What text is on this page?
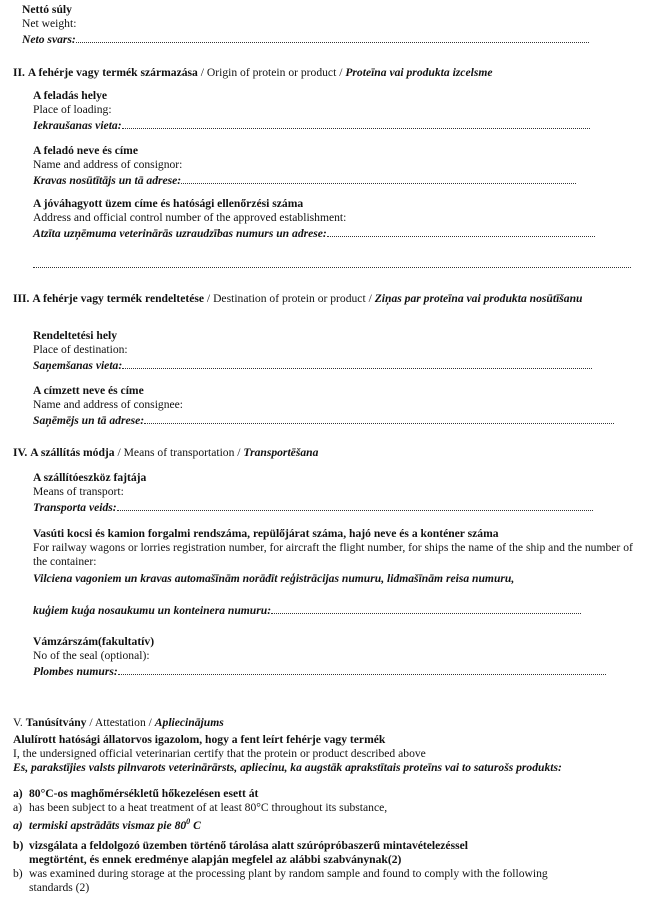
Nettó súly
Net weight:
Neto svars:
II. A fehérje vagy termék származása / Origin of protein or product / Proteīna vai produkta izcelsme
A feladás helye
Place of loading:
Iekraušanas vieta:
A feladó neve és címe
Name and address of consignor:
Kravas nosūtītājs un tā adrese:
A jóváhagyott üzem címe és hatósági ellenőrzési száma
Address and official control number of the approved establishment:
Atzīta uzņēmuma veterinārās uzraudzības numurs un adrese:
III. A fehérje vagy termék rendeltetése / Destination of protein or product / Ziņas par proteīna vai produkta nosūtīšanu
Rendeltetési hely
Place of destination:
Saņemšanas vieta:
A címzett neve és címe
Name and address of consignee:
Saņēmējs un tā adrese:
IV. A szállítás módja / Means of transportation / Transportēšana
A szállítóeszköz fajtája
Means of transport:
Transporta veids:
Vasúti kocsi és kamion forgalmi rendszáma, repülőjárat száma, hajó neve és a konténer száma
For railway wagons or lorries registration number, for aircraft the flight number, for ships the name of the ship and the number of the container:
Vilciena vagoniem un kravas automašīnām norādīt reģistrācijas numuru, lidmašīnām reisa numuru,
kuģiem kuģa nosaukumu un konteinera numuru:
Vámzárszám(fakultatív)
No of the seal (optional):
Plombes numurs:
V. Tanúsítvány / Attestation / Apliecinājums
Alulírott hatósági állatorvos igazolom, hogy a fent leírt fehérje vagy termék
I, the undersigned official veterinarian certify that the protein or product described above
Es, parakstījies valsts pilnvarots veterinārārsts, apliecinu, ka augstāk aprakstītais proteīns vai to saturošs produkts:
a) 80°C-os maghőmérsékletű hőkezelésen esett át
a) has been subject to a heat treatment of at least 80°C throughout its substance,
a) termiski apstrādāts vismaz pie $80^0$ C
b) vizsgálata a feldolgozó üzemben történő tárolása alatt szúrópróbaszerű mintavételezéssel
megtörtént, és ennek eredménye alapján megfelel az alábbi szabványnak(2)
b) was examined during storage at the processing plant by random sample and found to comply with the following
standards (2)
